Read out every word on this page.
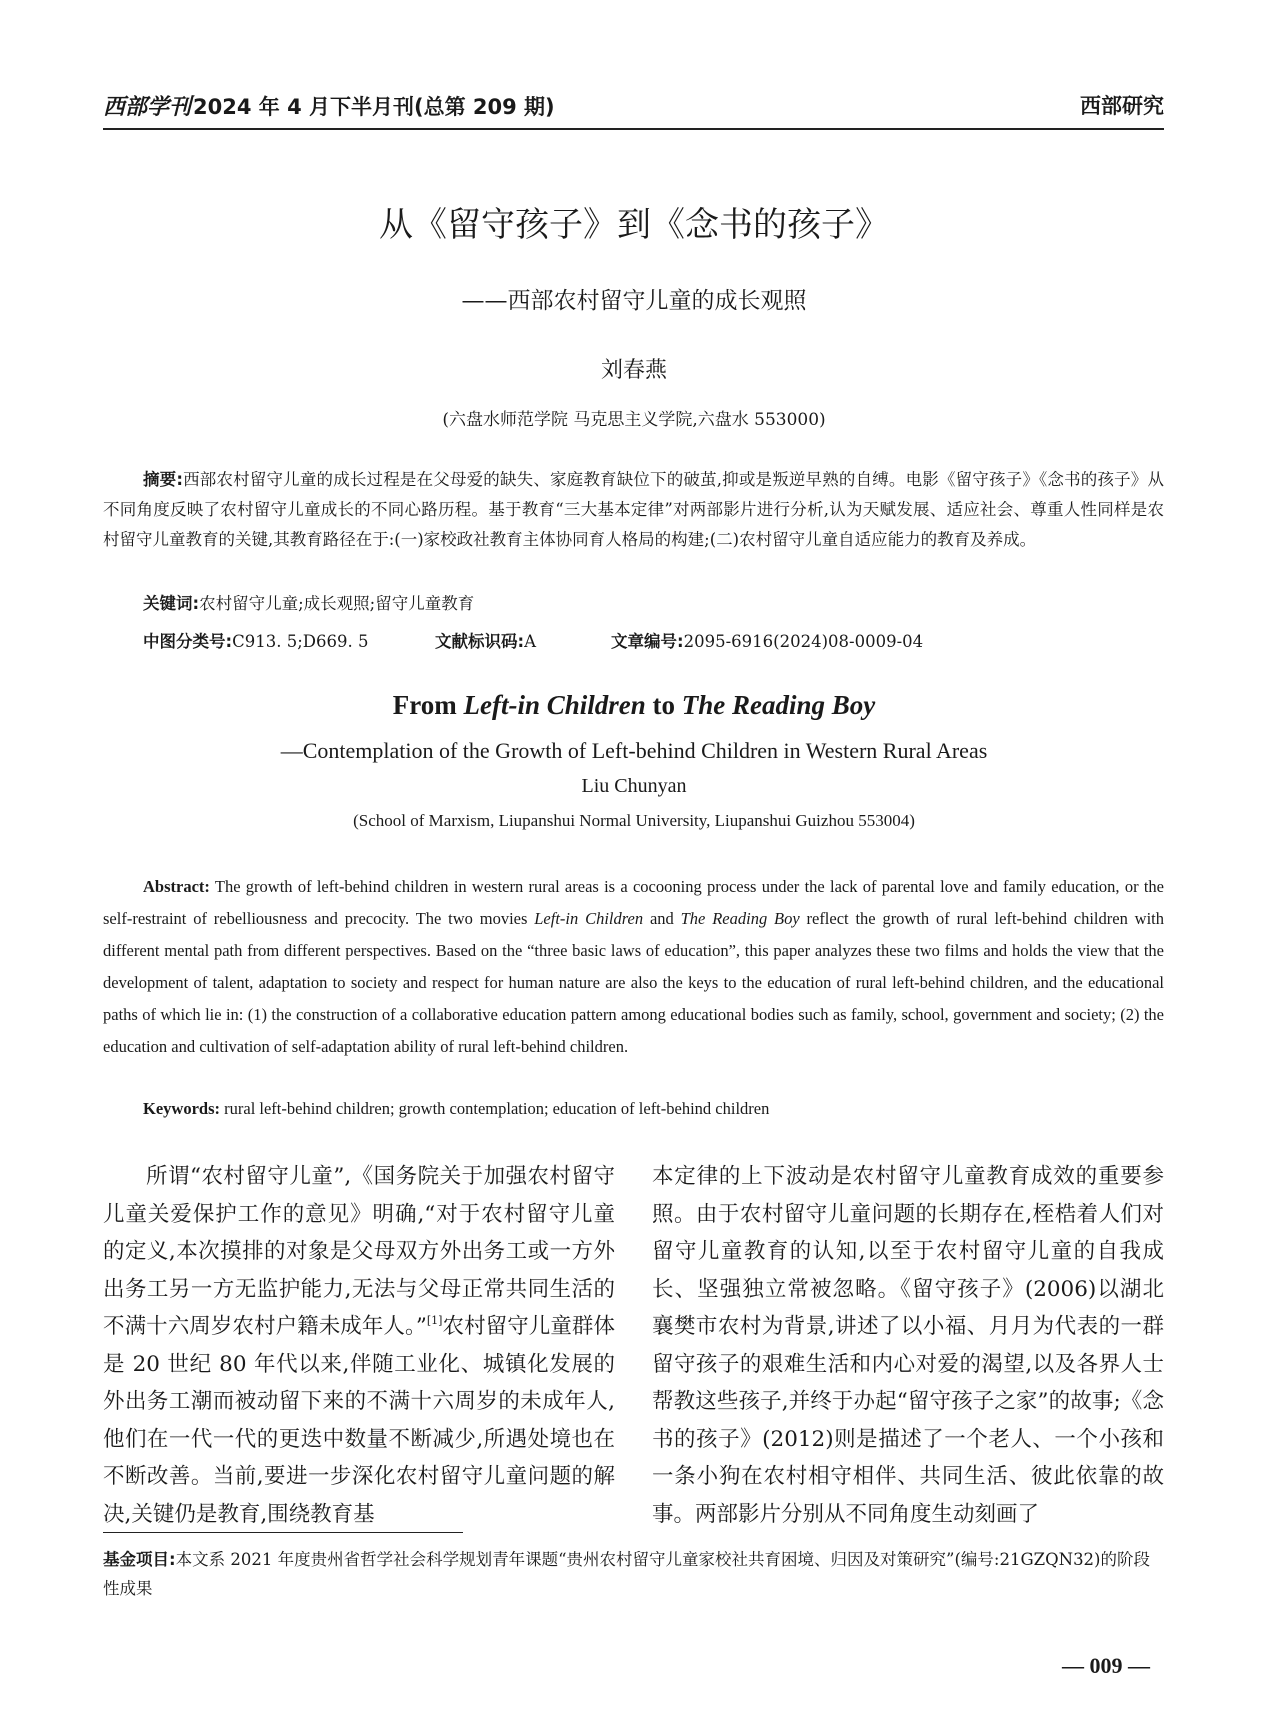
西部学刊2024 年 4 月下半月刊(总第 209 期)	西部研究
从《留守孩子》到《念书的孩子》
——西部农村留守儿童的成长观照
刘春燕
(六盘水师范学院 马克思主义学院,六盘水 553000)
摘要:西部农村留守儿童的成长过程是在父母爱的缺失、家庭教育缺位下的破茧,抑或是叛逆早熟的自缚。电影《留守孩子》《念书的孩子》从不同角度反映了农村留守儿童成长的不同心路历程。基于教育“三大基本定律”对两部影片进行分析,认为天赋发展、适应社会、尊重人性同样是农村留守儿童教育的关键,其教育路径在于:(一)家校政社教育主体协同育人格局的构建;(二)农村留守儿童自适应能力的教育及养成。
关键词:农村留守儿童;成长观照;留守儿童教育
中图分类号:C913. 5;D669. 5	文献标识码:A	文章编号:2095-6916(2024)08-0009-04
From Left-in Children to The Reading Boy
—Contemplation of the Growth of Left-behind Children in Western Rural Areas
Liu Chunyan
(School of Marxism, Liupanshui Normal University, Liupanshui Guizhou 553004)
Abstract: The growth of left-behind children in western rural areas is a cocooning process under the lack of parental love and family education, or the self-restraint of rebelliousness and precocity. The two movies Left-in Children and The Reading Boy reflect the growth of rural left-behind children with different mental path from different perspectives. Based on the “three basic laws of education”, this paper analyzes these two films and holds the view that the development of talent, adaptation to society and respect for human nature are also the keys to the education of rural left-behind children, and the educational paths of which lie in: (1) the construction of a collaborative education pattern among educational bodies such as family, school, government and society; (2) the education and cultivation of self-adaptation ability of rural left-behind children.
Keywords: rural left-behind children; growth contemplation; education of left-behind children
所谓“农村留守儿童”,《国务院关于加强农村留守儿童关爱保护工作的意见》明确,“对于农村留守儿童的定义,本次摸排的对象是父母双方外出务工或一方外出务工另一方无监护能力,无法与父母正常共同生活的不满十六周岁农村户籍未成年人。”[1]农村留守儿童群体是 20 世纪 80 年代以来,伴随工业化、城镇化发展的外出务工潮而被动留下来的不满十六周岁的未成年人,他们在一代一代的更迭中数量不断减少,所遇处境也在不断改善。当前,要进一步深化农村留守儿童问题的解决,关键仍是教育,围绕教育基
本定律的上下波动是农村留守儿童教育成效的重要参照。由于农村留守儿童问题的长期存在,桎梏着人们对留守儿童教育的认知,以至于农村留守儿童的自我成长、坚强独立常被忽略。《留守孩子》(2006)以湖北襄樊市农村为背景,讲述了以小福、月月为代表的一群留守孩子的艰难生活和内心对爱的渴望,以及各界人士帮教这些孩子,并终于办起“留守孩子之家”的故事;《念书的孩子》(2012)则是描述了一个老人、一个小孩和一条小狗在农村相守相伴、共同生活、彼此依靠的故事。两部影片分别从不同角度生动刻画了
基金项目:本文系 2021 年度贵州省哲学社会科学规划青年课题“贵州农村留守儿童家校社共育困境、归因及对策研究”(编号:21GZQN32)的阶段性成果
— 009 —
